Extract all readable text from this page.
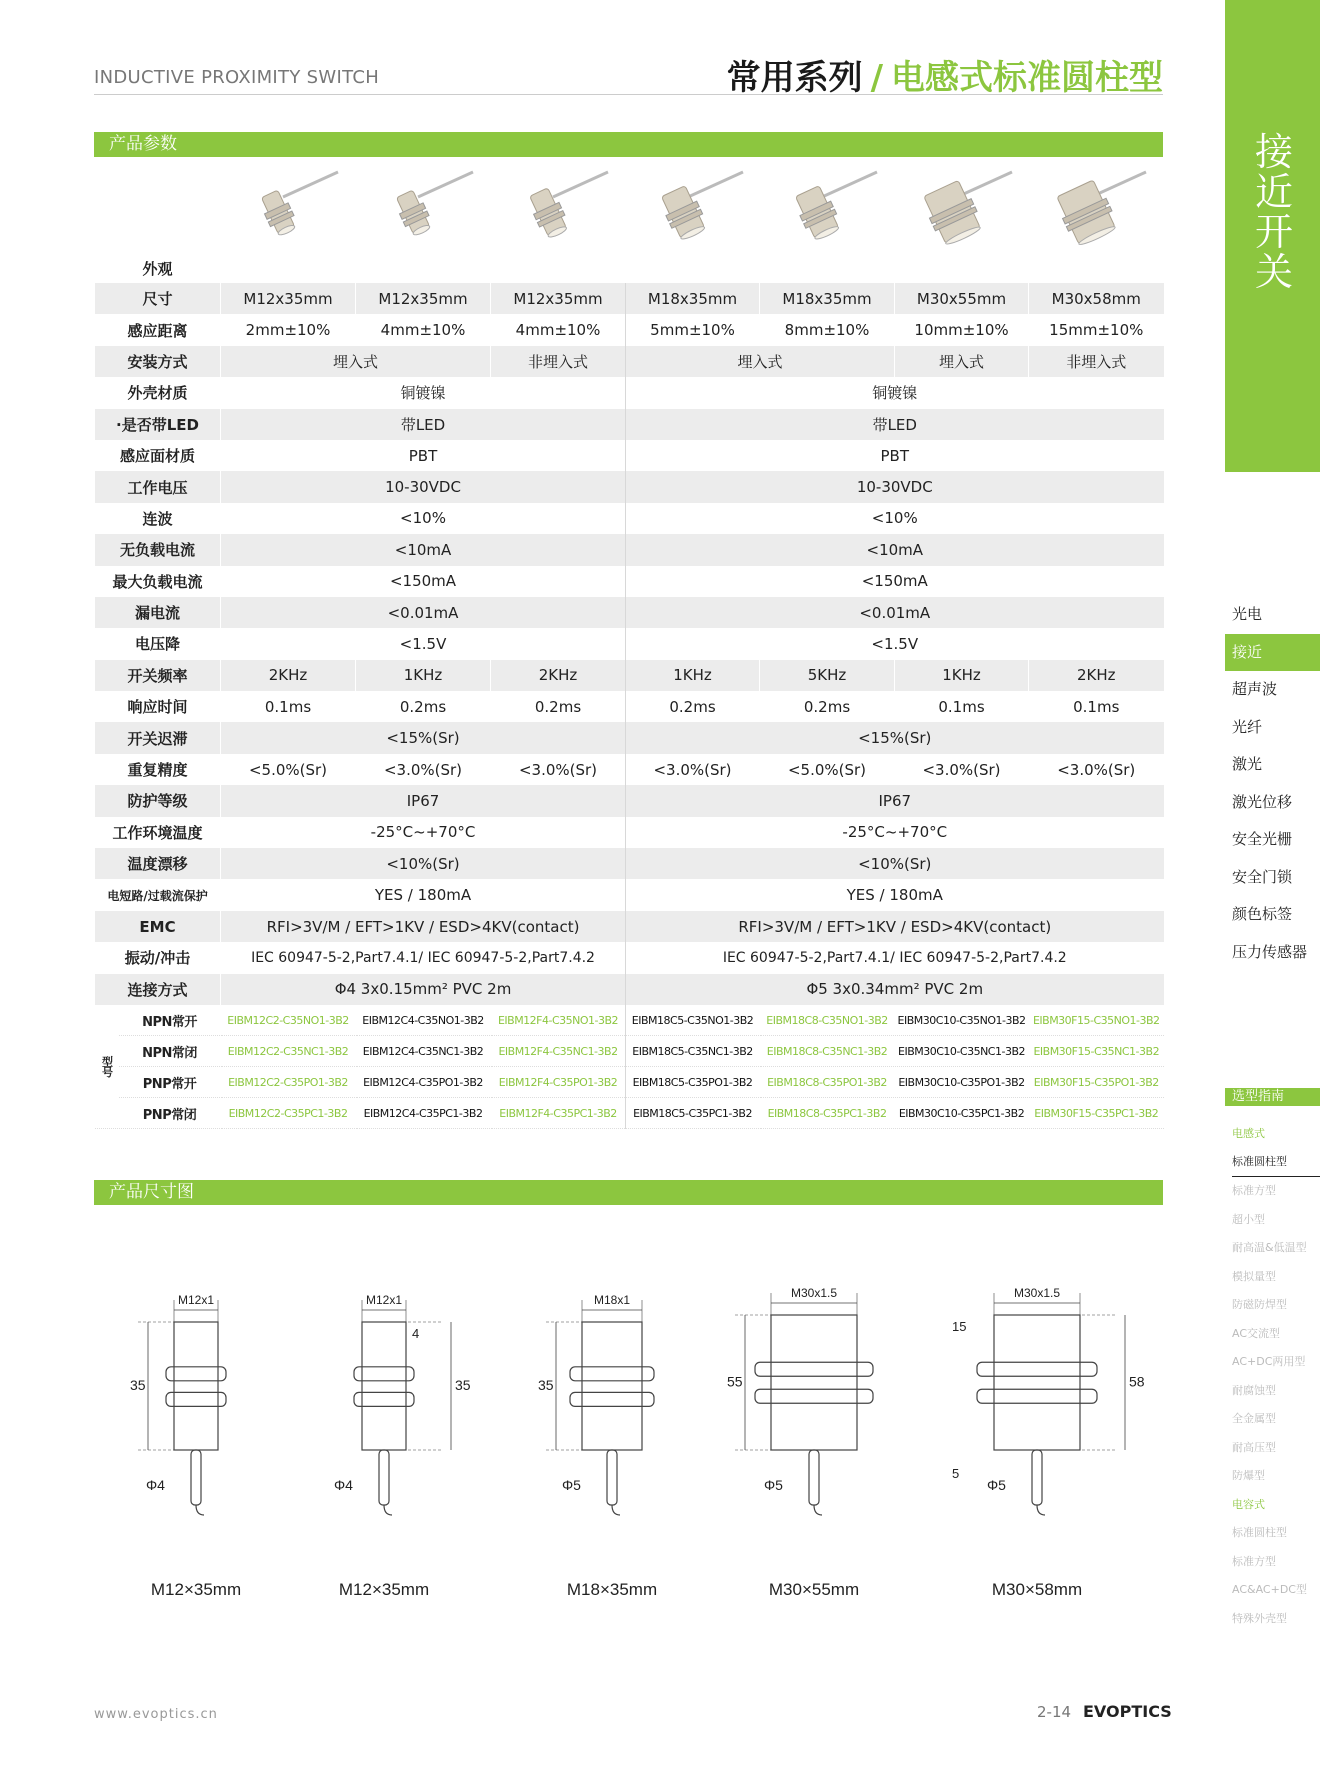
INDUCTIVE PROXIMITY SWITCH	常用系列 / 电感式标准圆柱型
接近开关
产品参数
外观							
尺寸		M12x35mm	M12x35mm	M12x35mm	M18x35mm	M18x35mm	M30x55mm	M30x58mm
感应距离		2mm±10%	4mm±10%	4mm±10%	5mm±10%	8mm±10%	10mm±10%	15mm±10%
安装方式		埋入式		非埋入式	埋入式		埋入式	非埋入式
外壳材质		铜镀镍			铜镀镍			
·是否带LED		带LED			带LED			
感应面材质		PBT			PBT			
工作电压		10-30VDC			10-30VDC			
连波		<10%			<10%			
无负载电流		<10mA			<10mA			
最大负载电流		<150mA			<150mA			
漏电流		<0.01mA			<0.01mA			
电压降		<1.5V			<1.5V			
开关频率		2KHz	1KHz	2KHz	1KHz	5KHz	1KHz	2KHz
响应时间		0.1ms	0.2ms	0.2ms	0.2ms	0.2ms	0.1ms	0.1ms
开关迟滞		<15%(Sr)			<15%(Sr)			
重复精度		<5.0%(Sr)	<3.0%(Sr)	<3.0%(Sr)	<3.0%(Sr)	<5.0%(Sr)	<3.0%(Sr)	<3.0%(Sr)
防护等级		IP67			IP67			
工作环境温度		-25°C~+70°C			-25°C~+70°C			
温度漂移		<10%(Sr)			<10%(Sr)			
电短路/过载流保护		YES / 180mA			YES / 180mA			
EMC		RFI>3V/M / EFT>1KV / ESD>4KV(contact)			RFI>3V/M / EFT>1KV / ESD>4KV(contact)			
振动/冲击		IEC 60947-5-2,Part7.4.1/ IEC 60947-5-2,Part7.4.2			IEC 60947-5-2,Part7.4.1/ IEC 60947-5-2,Part7.4.2			
连接方式		Φ4 3x0.15mm² PVC 2m			Φ5 3x0.34mm² PVC 2m			
型号	NPN常开	EIBM12C2-C35NO1-3B2	EIBM12C4-C35NO1-3B2	EIBM12F4-C35NO1-3B2	EIBM18C5-C35NO1-3B2	EIBM18C8-C35NO1-3B2	EIBM30C10-C35NO1-3B2	EIBM30F15-C35NO1-3B2
	NPN常闭	EIBM12C2-C35NC1-3B2	EIBM12C4-C35NC1-3B2	EIBM12F4-C35NC1-3B2	EIBM18C5-C35NC1-3B2	EIBM18C8-C35NC1-3B2	EIBM30C10-C35NC1-3B2	EIBM30F15-C35NC1-3B2
	PNP常开	EIBM12C2-C35PO1-3B2	EIBM12C4-C35PO1-3B2	EIBM12F4-C35PO1-3B2	EIBM18C5-C35PO1-3B2	EIBM18C8-C35PO1-3B2	EIBM30C10-C35PO1-3B2	EIBM30F15-C35PO1-3B2
	PNP常闭	EIBM12C2-C35PC1-3B2	EIBM12C4-C35PC1-3B2	EIBM12F4-C35PC1-3B2	EIBM18C5-C35PC1-3B2	EIBM18C8-C35PC1-3B2	EIBM30C10-C35PC1-3B2	EIBM30F15-C35PC1-3B2
光电
接近
超声波
光纤
激光
激光位移
安全光栅
安全门锁
颜色标签
压力传感器
选型指南
电感式
标准圆柱型
标准方型
超小型
耐高温&低温型
模拟量型
防磁防焊型
AC交流型
AC+DC两用型
耐腐蚀型
全金属型
耐高压型
防爆型
电容式
标准圆柱型
标准方型
AC&AC+DC型
特殊外壳型
产品尺寸图
M12x1
35
Φ4
M12×35mm
M12x1
35
4
Φ4
M12×35mm
M18x1
35
Φ5
M18×35mm
M30x1.5
55
Φ5
M30×55mm
M30x1.5
58
15
5
Φ5
M30×58mm
www.evoptics.cn	2-14 EVOPTICS
